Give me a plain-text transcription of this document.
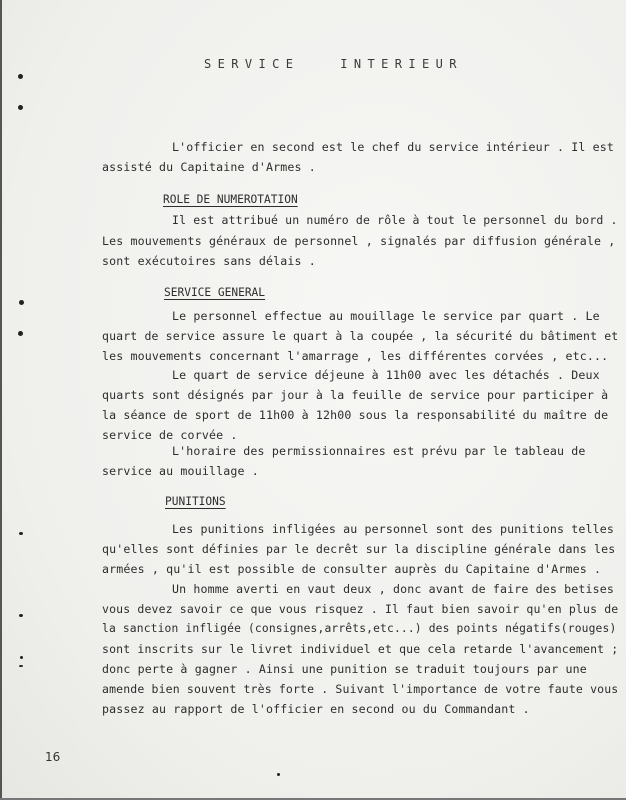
SERVICE   INTERIEUR
L'officier en second est le chef du service intérieur . Il est
assisté du Capitaine d'Armes .
ROLE DE NUMEROTATION
Il est attribué un numéro de rôle à tout le personnel du bord .
Les mouvements généraux de personnel , signalés par diffusion générale ,
sont exécutoires sans délais .
SERVICE GENERAL
Le personnel effectue au mouillage le service par quart . Le
quart de service assure le quart à la coupée , la sécurité du bâtiment et
les mouvements concernant l'amarrage , les différentes corvées , etc...
Le quart de service déjeune à 11h00 avec les détachés . Deux
quarts sont désignés par jour à la feuille de service pour participer à
la séance de sport de 11h00 à 12h00 sous la responsabilité du maître de
service de corvée .
L'horaire des permissionnaires est prévu par le tableau de
service au mouillage .
PUNITIONS
Les punitions infligées au personnel sont des punitions telles
qu'elles sont définies par le decrêt sur la discipline générale dans les
armées , qu'il est possible de consulter auprès du Capitaine d'Armes .
Un homme averti en vaut deux , donc avant de faire des betises
vous devez savoir ce que vous risquez . Il faut bien savoir qu'en plus de
la sanction infligée (consignes,arrêts,etc...) des points négatifs(rouges)
sont inscrits sur le livret individuel et que cela retarde l'avancement ;
donc perte à gagner . Ainsi une punition se traduit toujours par une
amende bien souvent très forte . Suivant l'importance de votre faute vous
passez au rapport de l'officier en second ou du Commandant .
16
